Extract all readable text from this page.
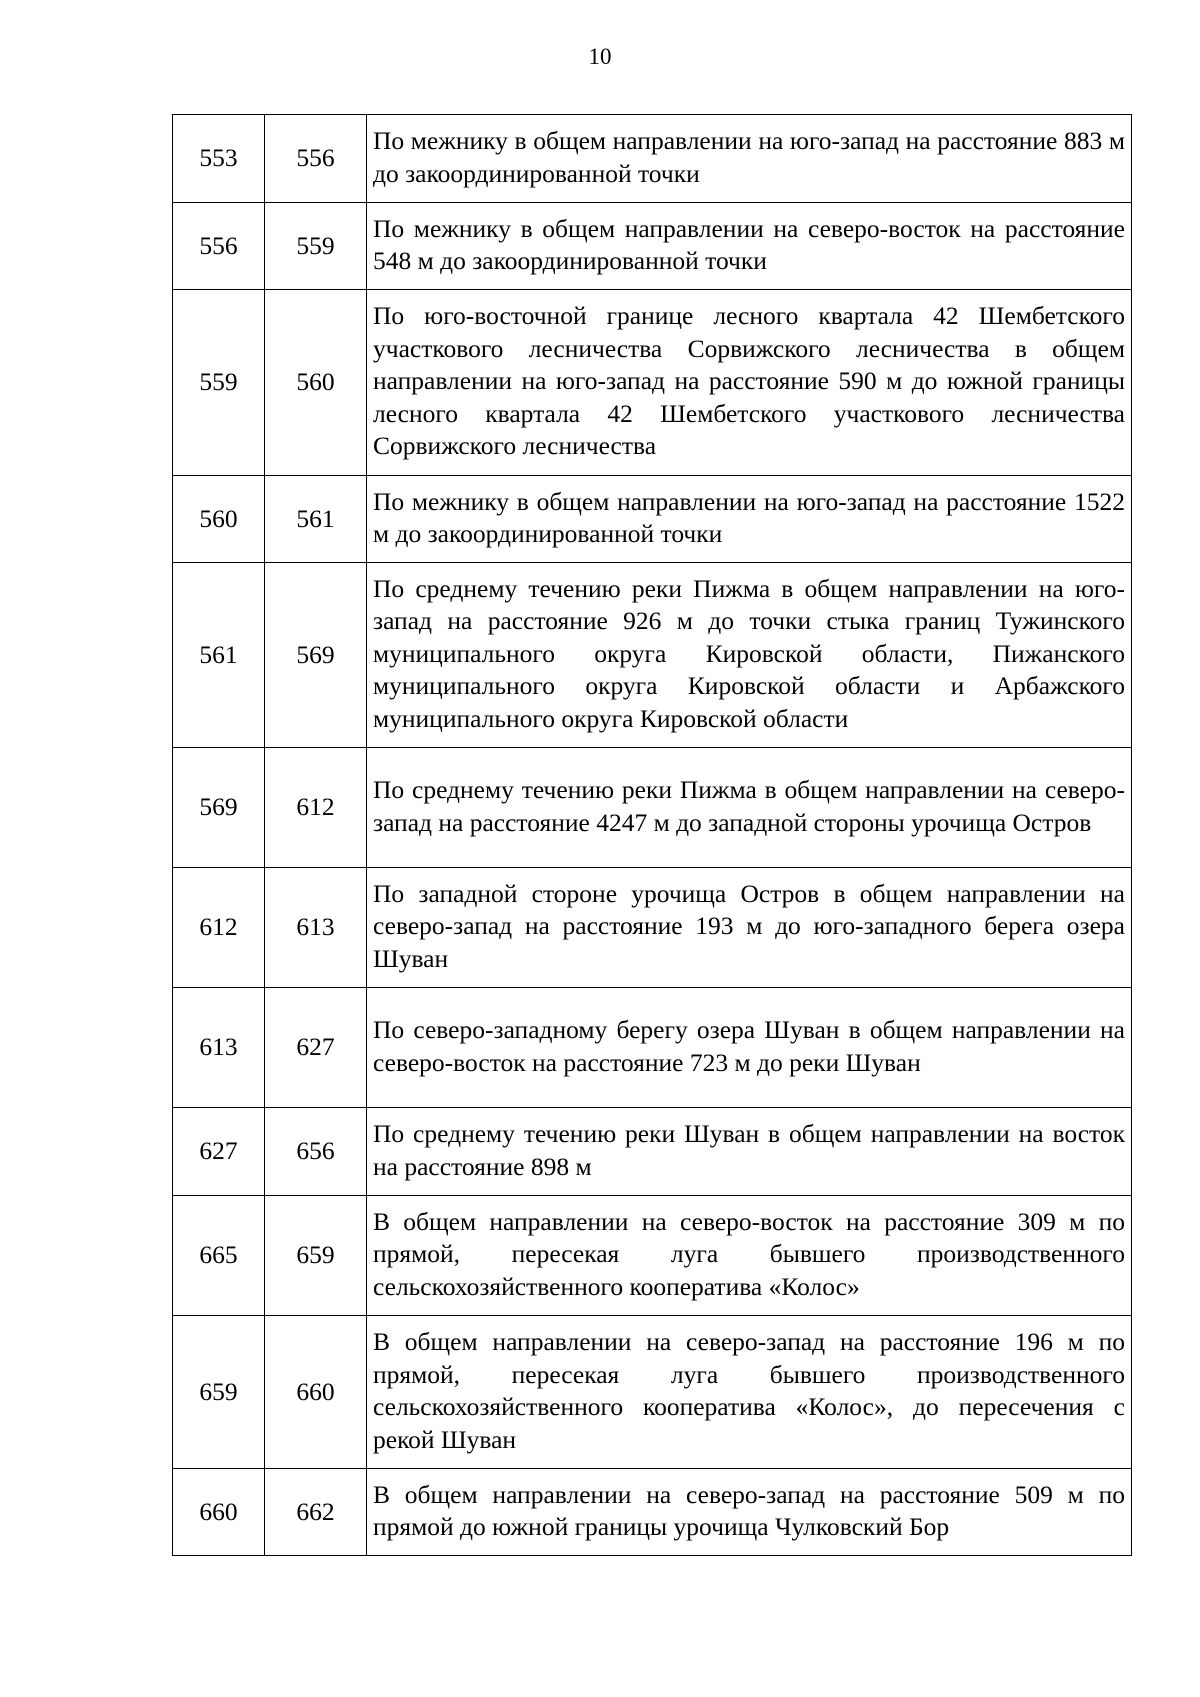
10
553	556	По межнику в общем направлении на юго-запад на расстояние 883 м до закоординированной точки
556	559	По межнику в общем направлении на северо-восток на расстояние 548 м до закоординированной точки
559	560	По юго-восточной границе лесного квартала 42 Шембетского участкового лесничества Сорвижского лесничества в общем направлении на юго-запад на расстояние 590 м до южной границы лесного квартала 42 Шембетского участкового лесничества Сорвижского лесничества
560	561	По межнику в общем направлении на юго-запад на расстояние 1522 м до закоординированной точки
561	569	По среднему течению реки Пижма в общем направлении на юго-запад на расстояние 926 м до точки стыка границ Тужинского муниципального округа Кировской области, Пижанского муниципального округа Кировской области и Арбажского муниципального округа Кировской области
569	612	По среднему течению реки Пижма в общем направлении на северо-запад на расстояние 4247 м до западной стороны урочища Остров
612	613	По западной стороне урочища Остров в общем направлении на северо-запад на расстояние 193 м до юго-западного берега озера Шуван
613	627	По северо-западному берегу озера Шуван в общем направлении на северо-восток на расстояние 723 м до реки Шуван
627	656	По среднему течению реки Шуван в общем направлении на восток на расстояние 898 м
665	659	В общем направлении на северо-восток на расстояние 309 м по прямой, пересекая луга бывшего производственного сельскохозяйственного кооператива «Колос»
659	660	В общем направлении на северо-запад на расстояние 196 м по прямой, пересекая луга бывшего производственного сельскохозяйственного кооператива «Колос», до пересечения с рекой Шуван
660	662	В общем направлении на северо-запад на расстояние 509 м по прямой до южной границы урочища Чулковский Бор
